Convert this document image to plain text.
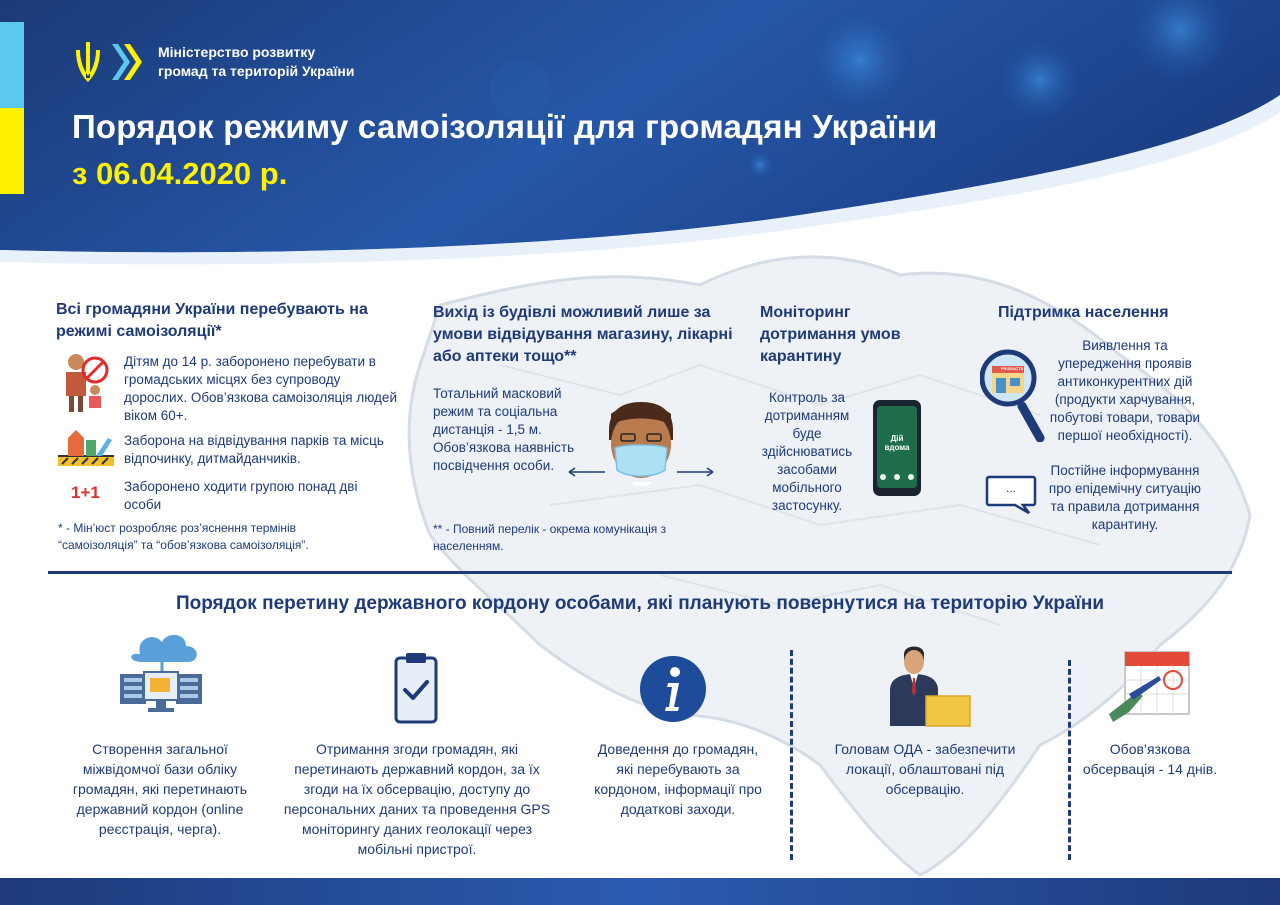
Міністерство розвитку
громад та територій України
Порядок режиму самоізоляції для громадян України
з 06.04.2020 р.
Всі громадяни України перебувають на режимі самоізоляції*
Дітям до 14 р. заборонено перебувати в громадських місцях без супроводу дорослих. Обов’язкова самоізоляція людей віком 60+.
Заборона на відвідування парків та місць відпочинку, дитмайданчиків.
1+1 Заборонено ходити групою понад дві особи
* - Мін’юст розробляє роз’яснення термінів
“самоізоляція” та “обов’язкова самоізоляція”.
Вихід із будівлі можливий лише за умови відвідування магазину, лікарні або аптеки тощо**
Тотальний масковий режим та соціальна дистанція - 1,5 м. Обов’язкова наявність посвідчення особи.
** - Повний перелік - окрема комунікація з населенням.
Моніторинг дотримання умов карантину
Контроль за дотриманням буде здійснюватись засобами мобільного застосунку.
Дій
вдома
Підтримка населення
PRODUCTS
Виявлення та упередження проявів антиконкурентних дій (продукти харчування, побутові товари, товари першої необхідності).
...
Постійне інформування про епідемічну ситуацію та правила дотримання карантину.
Порядок перетину державного кордону особами, які планують повернутися на територію України
Створення загальної міжвідомчої бази обліку громадян, які перетинають державний кордон (online реєстрація, черга).
Отримання згоди громадян, які перетинають державний кордон, за їх згоди на їх обсервацію, доступу до персональних даних та проведення GPS моніторингу даних геолокації через мобільні пристрої.
Доведення до громадян, які перебувають за кордоном, інформації про додаткові заходи.
Головам ОДА - забезпечити локації, облаштовані під обсервацію.
Обов’язкова обсервація - 14 днів.
